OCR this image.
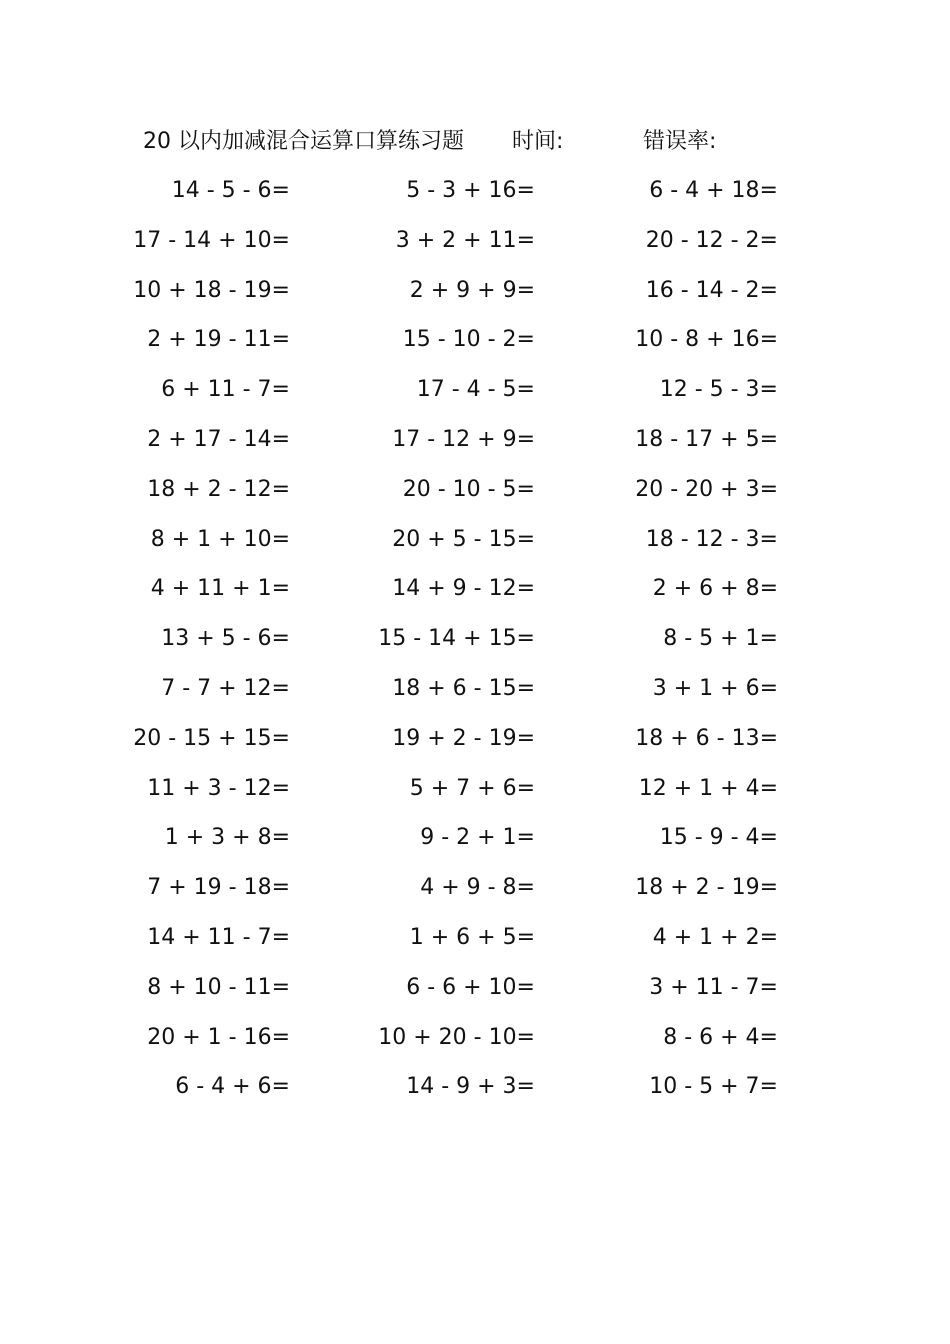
20 以内加减混合运算口算练习题 时间:	错误率:
14 - 5 - 6=	5 - 3 + 16=	6 - 4 + 18=
17 - 14 + 10=	3 + 2 + 11=	20 - 12 - 2=
10 + 18 - 19=	2 + 9 + 9=	16 - 14 - 2=
2 + 19 - 11=	15 - 10 - 2=	10 - 8 + 16=
6 + 11 - 7=	17 - 4 - 5=	12 - 5 - 3=
2 + 17 - 14=	17 - 12 + 9=	18 - 17 + 5=
18 + 2 - 12=	20 - 10 - 5=	20 - 20 + 3=
8 + 1 + 10=	20 + 5 - 15=	18 - 12 - 3=
4 + 11 + 1=	14 + 9 - 12=	2 + 6 + 8=
13 + 5 - 6=	15 - 14 + 15=	8 - 5 + 1=
7 - 7 + 12=	18 + 6 - 15=	3 + 1 + 6=
20 - 15 + 15=	19 + 2 - 19=	18 + 6 - 13=
11 + 3 - 12=	5 + 7 + 6=	12 + 1 + 4=
1 + 3 + 8=	9 - 2 + 1=	15 - 9 - 4=
7 + 19 - 18=	4 + 9 - 8=	18 + 2 - 19=
14 + 11 - 7=	1 + 6 + 5=	4 + 1 + 2=
8 + 10 - 11=	6 - 6 + 10=	3 + 11 - 7=
20 + 1 - 16=	10 + 20 - 10=	8 - 6 + 4=
6 - 4 + 6=	14 - 9 + 3=	10 - 5 + 7=
